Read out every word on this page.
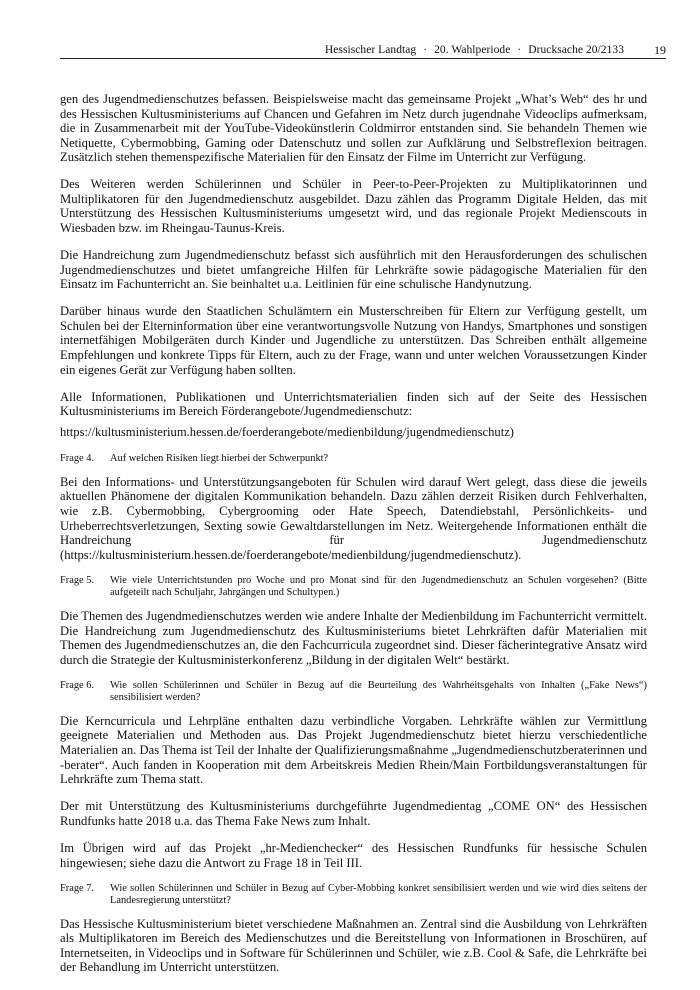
Hessischer Landtag · 20. Wahlperiode · Drucksache 20/2133	19

gen des Jugendmedienschutzes befassen. Beispielsweise macht das gemeinsame Projekt „What’s Web“ des hr und des Hessischen Kultusministeriums auf Chancen und Gefahren im Netz durch jugendnahe Videoclips aufmerksam, die in Zusammenarbeit mit der YouTube-Videokünstlerin Coldmirror entstanden sind. Sie behandeln Themen wie Netiquette, Cybermobbing, Gaming oder Datenschutz und sollen zur Aufklärung und Selbstreflexion beitragen. Zusätzlich stehen themenspezifische Materialien für den Einsatz der Filme im Unterricht zur Verfügung.

Des Weiteren werden Schülerinnen und Schüler in Peer-to-Peer-Projekten zu Multiplikatorinnen und Multiplikatoren für den Jugendmedienschutz ausgebildet. Dazu zählen das Programm Digitale Helden, das mit Unterstützung des Hessischen Kultusministeriums umgesetzt wird, und das regionale Projekt Medienscouts in Wiesbaden bzw. im Rheingau-Taunus-Kreis.

Die Handreichung zum Jugendmedienschutz befasst sich ausführlich mit den Herausforderungen des schulischen Jugendmedienschutzes und bietet umfangreiche Hilfen für Lehrkräfte sowie pädagogische Materialien für den Einsatz im Fachunterricht an. Sie beinhaltet u.a. Leitlinien für eine schulische Handynutzung.

Darüber hinaus wurde den Staatlichen Schulämtern ein Musterschreiben für Eltern zur Verfügung gestellt, um Schulen bei der Elterninformation über eine verantwortungsvolle Nutzung von Handys, Smartphones und sonstigen internetfähigen Mobilgeräten durch Kinder und Jugendliche zu unterstützen. Das Schreiben enthält allgemeine Empfehlungen und konkrete Tipps für Eltern, auch zu der Frage, wann und unter welchen Voraussetzungen Kinder ein eigenes Gerät zur Verfügung haben sollten.

Alle Informationen, Publikationen und Unterrichtsmaterialien finden sich auf der Seite des Hessischen Kultusministeriums im Bereich Förderangebote/Jugendmedienschutz:

https://kultusministerium.hessen.de/foerderangebote/medienbildung/jugendmedienschutz)

Frage 4.	Auf welchen Risiken liegt hierbei der Schwerpunkt?

Bei den Informations- und Unterstützungsangeboten für Schulen wird darauf Wert gelegt, dass diese die jeweils aktuellen Phänomene der digitalen Kommunikation behandeln. Dazu zählen derzeit Risiken durch Fehlverhalten, wie z.B. Cybermobbing, Cybergrooming oder Hate Speech, Datendiebstahl, Persönlichkeits- und Urheberrechtsverletzungen, Sexting sowie Gewaltdarstellungen im Netz. Weitergehende Informationen enthält die Handreichung für Jugendmedienschutz (https://kultusministerium.hessen.de/foerderangebote/medienbildung/jugendmedienschutz).

Frage 5.	Wie viele Unterrichtstunden pro Woche und pro Monat sind für den Jugendmedienschutz an Schulen vorgesehen? (Bitte aufgeteilt nach Schuljahr, Jahrgängen und Schultypen.)

Die Themen des Jugendmedienschutzes werden wie andere Inhalte der Medienbildung im Fachunterricht vermittelt. Die Handreichung zum Jugendmedienschutz des Kultusministeriums bietet Lehrkräften dafür Materialien mit Themen des Jugendmedienschutzes an, die den Fachcurricula zugeordnet sind. Dieser fächerintegrative Ansatz wird durch die Strategie der Kultusministerkonferenz „Bildung in der digitalen Welt“ bestärkt.

Frage 6.	Wie sollen Schülerinnen und Schüler in Bezug auf die Beurteilung des Wahrheitsgehalts von Inhalten („Fake News“) sensibilisiert werden?

Die Kerncurricula und Lehrpläne enthalten dazu verbindliche Vorgaben. Lehrkräfte wählen zur Vermittlung geeignete Materialien und Methoden aus. Das Projekt Jugendmedienschutz bietet hierzu verschiedentliche Materialien an. Das Thema ist Teil der Inhalte der Qualifizierungsmaßnahme „Jugendmedienschutzberaterinnen und -berater“. Auch fanden in Kooperation mit dem Arbeitskreis Medien Rhein/Main Fortbildungsveranstaltungen für Lehrkräfte zum Thema statt.

Der mit Unterstützung des Kultusministeriums durchgeführte Jugendmedientag „COME ON“ des Hessischen Rundfunks hatte 2018 u.a. das Thema Fake News zum Inhalt.

Im Übrigen wird auf das Projekt „hr-Medienchecker“ des Hessischen Rundfunks für hessische Schulen hingewiesen; siehe dazu die Antwort zu Frage 18 in Teil III.

Frage 7.	Wie sollen Schülerinnen und Schüler in Bezug auf Cyber-Mobbing konkret sensibilisiert werden und wie wird dies seitens der Landesregierung unterstützt?

Das Hessische Kultusministerium bietet verschiedene Maßnahmen an. Zentral sind die Ausbildung von Lehrkräften als Multiplikatoren im Bereich des Medienschutzes und die Bereitstellung von Informationen in Broschüren, auf Internetseiten, in Videoclips und in Software für Schülerinnen und Schüler, wie z.B. Cool & Safe, die Lehrkräfte bei der Behandlung im Unterricht unterstützen.
